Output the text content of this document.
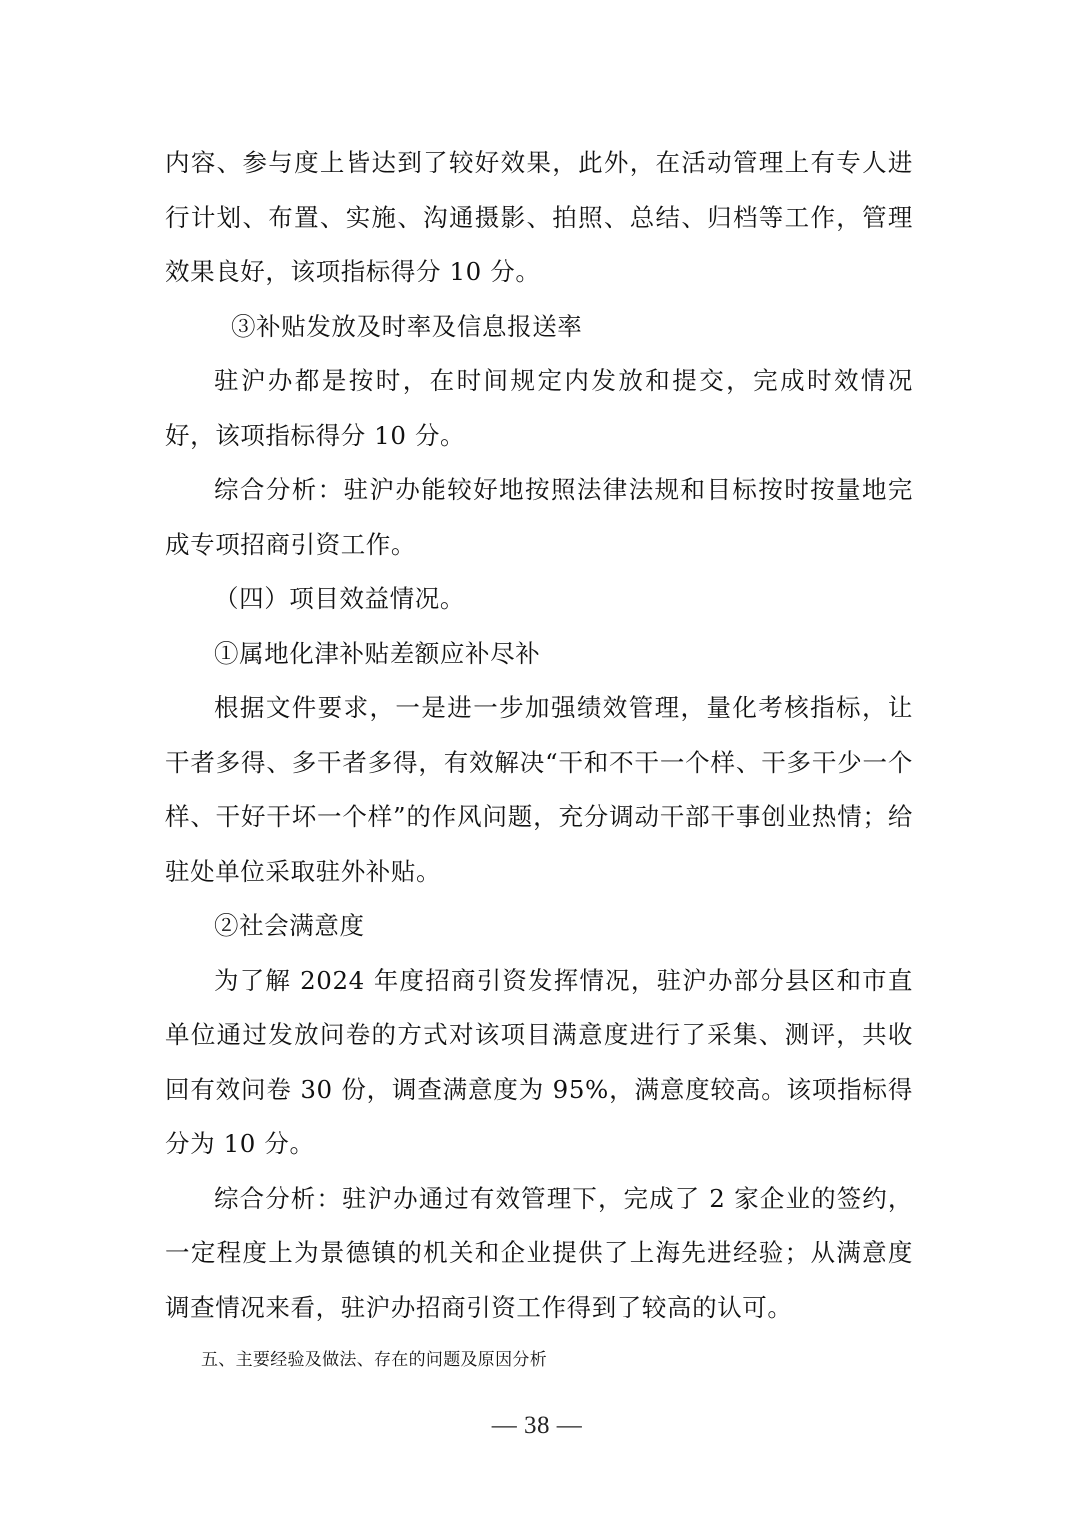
内容、参与度上皆达到了较好效果，此外，在活动管理上有专人进行计划、布置、实施、沟通摄影、拍照、总结、归档等工作，管理效果良好，该项指标得分 10 分。

③补贴发放及时率及信息报送率

驻沪办都是按时，在时间规定内发放和提交，完成时效情况好，该项指标得分 10 分。

综合分析：驻沪办能较好地按照法律法规和目标按时按量地完成专项招商引资工作。

（四）项目效益情况。

①属地化津补贴差额应补尽补

根据文件要求，一是进一步加强绩效管理，量化考核指标，让干者多得、多干者多得，有效解决“干和不干一个样、干多干少一个样、干好干坏一个样”的作风问题，充分调动干部干事创业热情；给驻处单位采取驻外补贴。

②社会满意度

为了解 2024 年度招商引资发挥情况，驻沪办部分县区和市直单位通过发放问卷的方式对该项目满意度进行了采集、测评，共收回有效问卷 30 份，调查满意度为 95%，满意度较高。该项指标得分为 10 分。

综合分析：驻沪办通过有效管理下，完成了 2 家企业的签约，一定程度上为景德镇的机关和企业提供了上海先进经验；从满意度调查情况来看，驻沪办招商引资工作得到了较高的认可。

五、主要经验及做法、存在的问题及原因分析

— 38 —
